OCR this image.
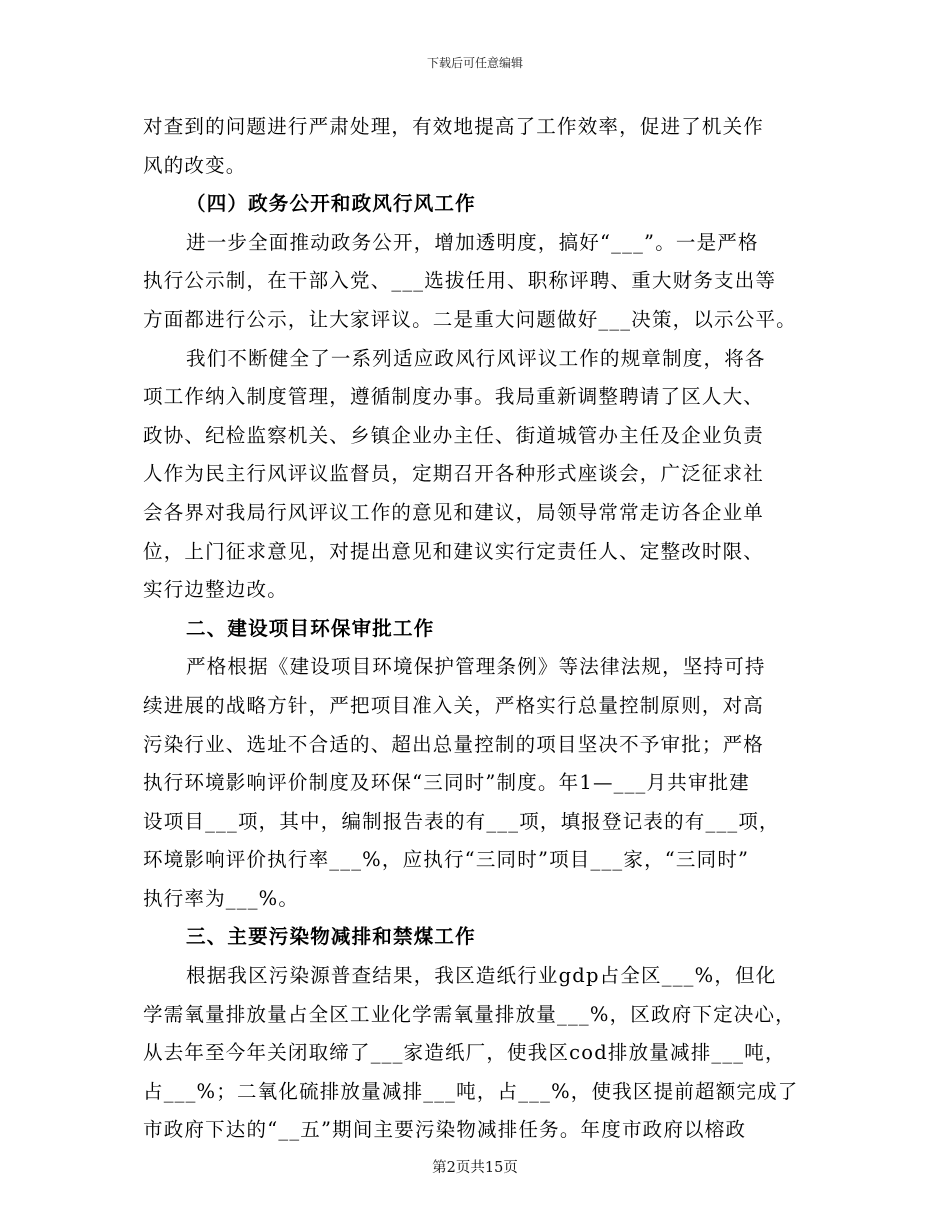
下载后可任意编辑
对查到的问题进行严肃处理，有效地提高了工作效率，促进了机关作
风的改变。
（四）政务公开和政风行风工作
进一步全面推动政务公开，增加透明度，搞好“___”。一是严格
执行公示制，在干部入党、___选拔任用、职称评聘、重大财务支出等
方面都进行公示，让大家评议。二是重大问题做好___决策，以示公平。
我们不断健全了一系列适应政风行风评议工作的规章制度，将各
项工作纳入制度管理，遵循制度办事。我局重新调整聘请了区人大、
政协、纪检监察机关、乡镇企业办主任、街道城管办主任及企业负责
人作为民主行风评议监督员，定期召开各种形式座谈会，广泛征求社
会各界对我局行风评议工作的意见和建议，局领导常常走访各企业单
位，上门征求意见，对提出意见和建议实行定责任人、定整改时限、
实行边整边改。
二、建设项目环保审批工作
严格根据《建设项目环境保护管理条例》等法律法规，坚持可持
续进展的战略方针，严把项目准入关，严格实行总量控制原则，对高
污染行业、选址不合适的、超出总量控制的项目坚决不予审批；严格
执行环境影响评价制度及环保“三同时”制度。年1—___月共审批建
设项目___项，其中，编制报告表的有___项，填报登记表的有___项，
环境影响评价执行率___%，应执行“三同时”项目___家，“三同时”
执行率为___%。
三、主要污染物减排和禁煤工作
根据我区污染源普查结果，我区造纸行业gdp占全区___%，但化
学需氧量排放量占全区工业化学需氧量排放量___%，区政府下定决心，
从去年至今年关闭取缔了___家造纸厂，使我区cod排放量减排___吨，
占___%；二氧化硫排放量减排___吨，占___%，使我区提前超额完成了
市政府下达的“__五”期间主要污染物减排任务。年度市政府以榕政
第2页共15页
